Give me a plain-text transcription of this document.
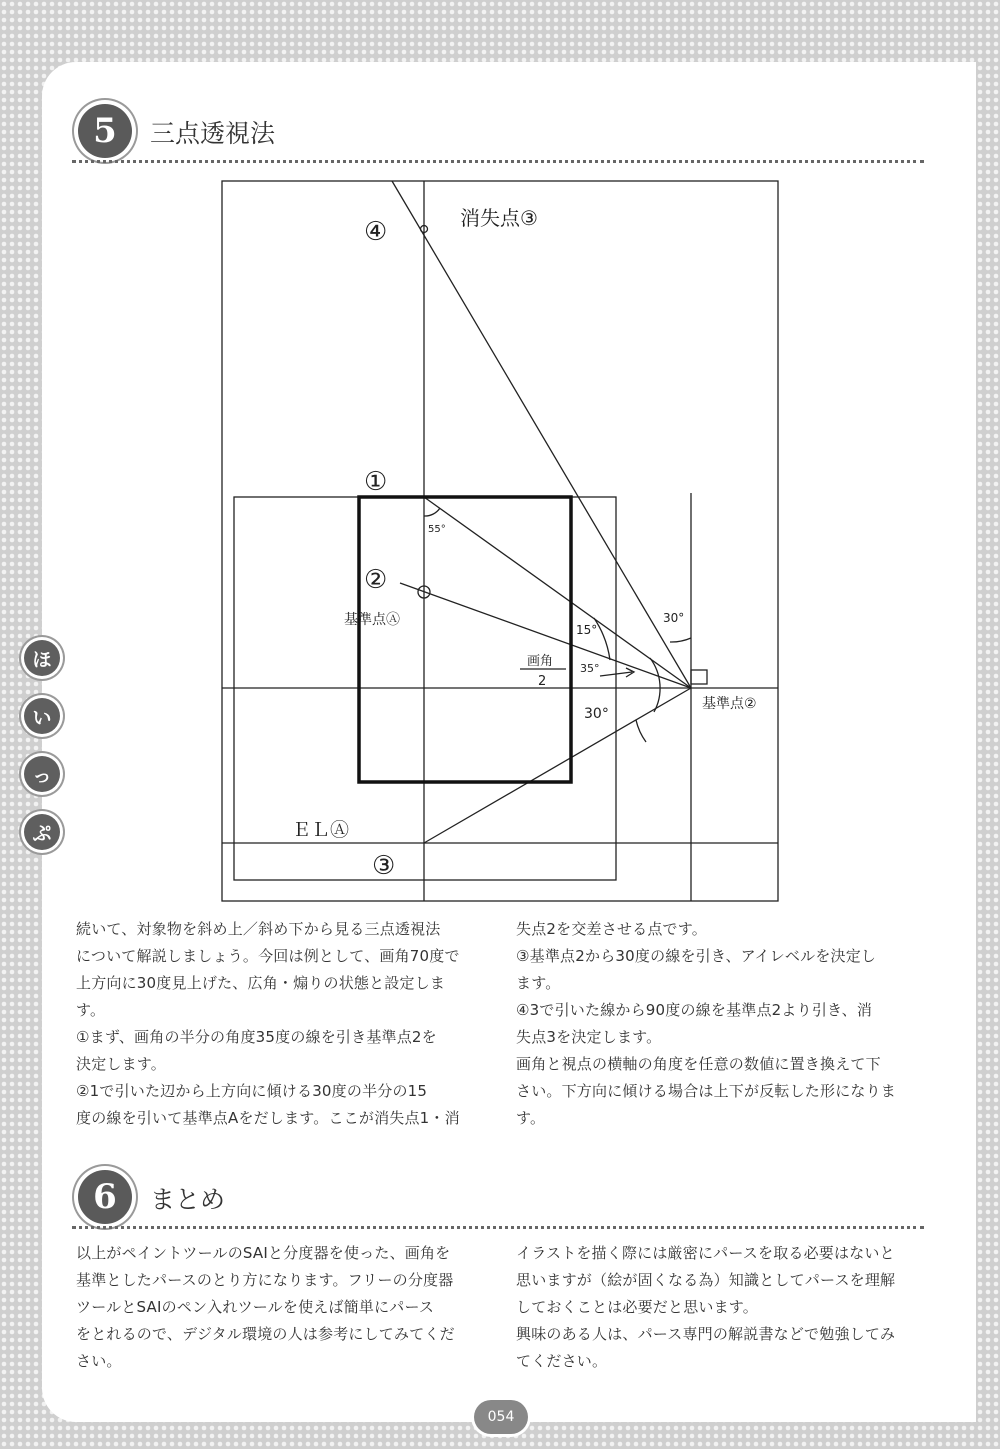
5	三点透視法
消失点③
④
①
②
③
基準点Ⓐ
基準点②
ＥＬⒶ
55°
15°
35°
30°
30°
画角
2
続いて、対象物を斜め上／斜め下から見る三点透視法
について解説しましょう。今回は例として、画角70度で
上方向に30度見上げた、広角・煽りの状態と設定しま
す。
①まず、画角の半分の角度35度の線を引き基準点2を
決定します。
②1で引いた辺から上方向に傾ける30度の半分の15
度の線を引いて基準点Aをだします。ここが消失点1・消
失点2を交差させる点です。
③基準点2から30度の線を引き、アイレベルを決定し
ます。
④3で引いた線から90度の線を基準点2より引き、消
失点3を決定します。
画角と視点の横軸の角度を任意の数値に置き換えて下
さい。下方向に傾ける場合は上下が反転した形になりま
す。
6	まとめ
以上がペイントツールのSAIと分度器を使った、画角を
基準としたパースのとり方になります。フリーの分度器
ツールとSAIのペン入れツールを使えば簡単にパース
をとれるので、デジタル環境の人は参考にしてみてくだ
さい。
イラストを描く際には厳密にパースを取る必要はないと
思いますが（絵が固くなる為）知識としてパースを理解
しておくことは必要だと思います。
興味のある人は、パース専門の解説書などで勉強してみ
てください。
ほ
い
っ
ぷ
054
